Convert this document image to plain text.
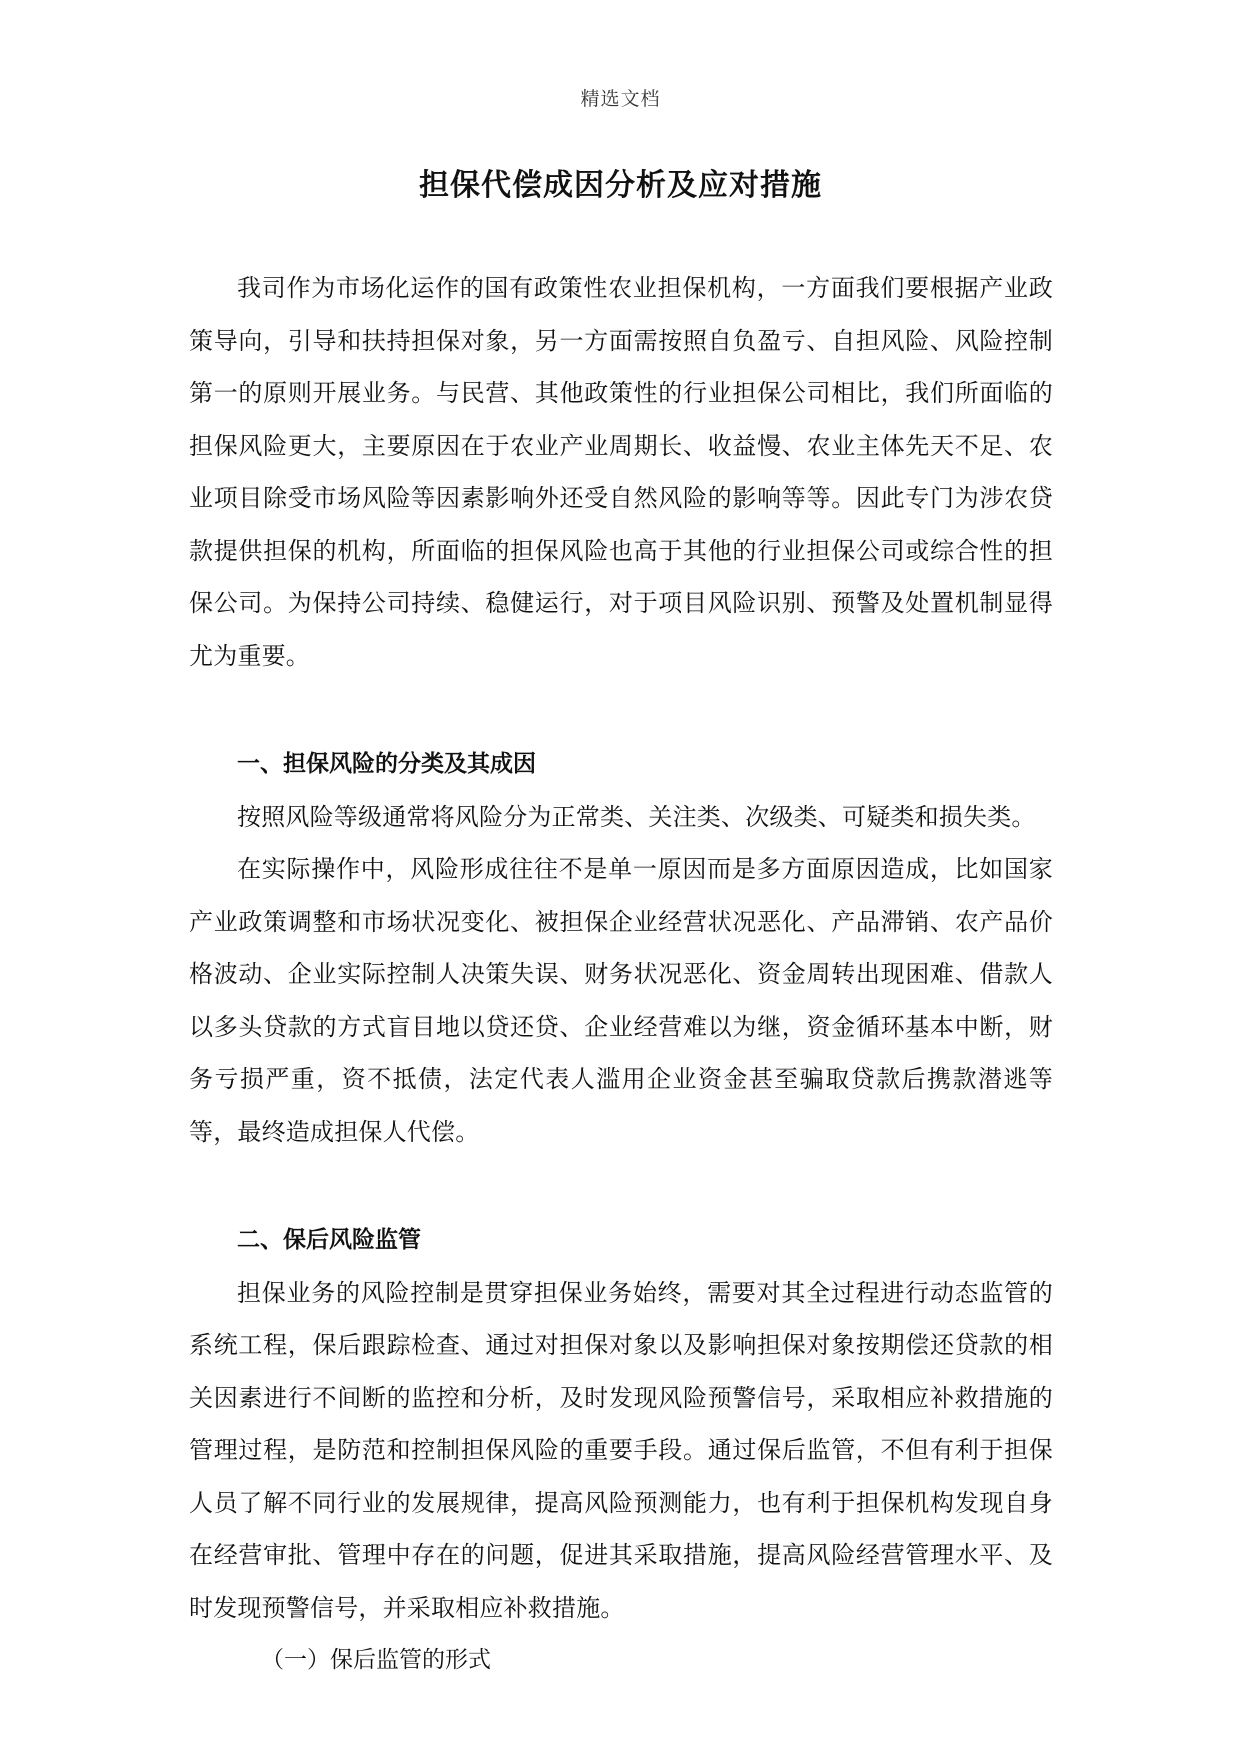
精选文档
担保代偿成因分析及应对措施

我司作为市场化运作的国有政策性农业担保机构，一方面我们要根据产业政策导向，引导和扶持担保对象，另一方面需按照自负盈亏、自担风险、风险控制第一的原则开展业务。与民营、其他政策性的行业担保公司相比，我们所面临的担保风险更大，主要原因在于农业产业周期长、收益慢、农业主体先天不足、农业项目除受市场风险等因素影响外还受自然风险的影响等等。因此专门为涉农贷款提供担保的机构，所面临的担保风险也高于其他的行业担保公司或综合性的担保公司。为保持公司持续、稳健运行，对于项目风险识别、预警及处置机制显得尤为重要。

一、担保风险的分类及其成因

按照风险等级通常将风险分为正常类、关注类、次级类、可疑类和损失类。

在实际操作中，风险形成往往不是单一原因而是多方面原因造成，比如国家产业政策调整和市场状况变化、被担保企业经营状况恶化、产品滞销、农产品价格波动、企业实际控制人决策失误、财务状况恶化、资金周转出现困难、借款人以多头贷款的方式盲目地以贷还贷、企业经营难以为继，资金循环基本中断，财务亏损严重，资不抵债，法定代表人滥用企业资金甚至骗取贷款后携款潜逃等等，最终造成担保人代偿。

二、保后风险监管

担保业务的风险控制是贯穿担保业务始终，需要对其全过程进行动态监管的系统工程，保后跟踪检查、通过对担保对象以及影响担保对象按期偿还贷款的相关因素进行不间断的监控和分析，及时发现风险预警信号，采取相应补救措施的管理过程，是防范和控制担保风险的重要手段。通过保后监管，不但有利于担保人员了解不同行业的发展规律，提高风险预测能力，也有利于担保机构发现自身在经营审批、管理中存在的问题，促进其采取措施，提高风险经营管理水平、及时发现预警信号，并采取相应补救措施。

（一）保后监管的形式
